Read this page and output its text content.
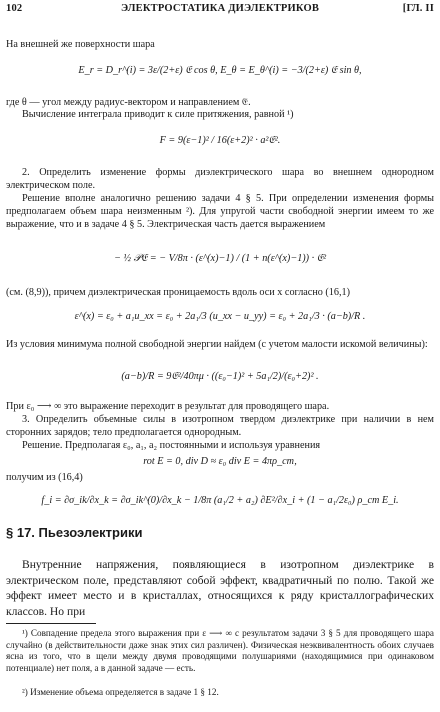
102	ЭЛЕКТРОСТАТИКА ДИЭЛЕКТРИКОВ	[ГЛ. II
На внешней же поверхности шара
E_r = D_r^(i) = 3ε/(2+ε) 𝔈 cos θ, E_θ = E_θ^(i) = −3/(2+ε) 𝔈 sin θ,
где θ — угол между радиус-вектором и направлением 𝔈.
Вычисление интеграла приводит к силе притяжения, равной ¹)
F = 9(ε−1)² / 16(ε+2)² · a²𝔈².
2. Определить изменение формы диэлектрического шара во внешнем однородном электрическом поле.
Решение вполне аналогично решению задачи 4 § 5. При определении изменения формы предполагаем объем шара неизменным ²). Для упругой части свободной энергии имеем то же выражение, что и в задаче 4 § 5. Электрическая часть дается выражением
− ½ 𝒫𝔈 = − V/8π · (ε^(x)−1) / (1 + n(ε^(x)−1)) · 𝔈²
(см. (8,9)), причем диэлектрическая проницаемость вдоль оси x согласно (16,1)
ε^(x) = ε₀ + a₁u_xx = ε₀ + 2a₁/3 (u_xx − u_yy) = ε₀ + 2a₁/3 · (a−b)/R .
Из условия минимума полной свободной энергии найдем (с учетом малости искомой величины):
(a−b)/R = 9𝔈²/40πμ · ((ε₀−1)² + 5a₁/2)/(ε₀+2)² .
При ε₀ ⟶ ∞ это выражение переходит в результат для проводящего шара.
3. Определить объемные силы в изотропном твердом диэлектрике при наличии в нем сторонних зарядов; тело предполагается однородным.
Решение. Предполагая ε₀, a₁, a₂ постоянными и используя уравнения
rot E = 0, div D ≈ ε₀ div E = 4πρ_ст,
получим из (16,4)
f_i = ∂σ_ik/∂x_k = ∂σ_ik^(0)/∂x_k − 1/8π (a₁/2 + a₂) ∂E²/∂x_i + (1 − a₁/2ε₀) ρ_ст E_i.
§ 17. Пьезоэлектрики
Внутренние напряжения, появляющиеся в изотропном диэлектрике в электрическом поле, представляют собой эффект, квадратичный по полю. Такой же эффект имеет место и в кристаллах, относящихся к ряду кристаллографических классов. Но при
¹) Совпадение предела этого выражения при ε ⟶ ∞ с результатом задачи 3 § 5 для проводящего шара случайно (в действительности даже знак этих сил различен). Физическая неэквивалентность обоих случаев ясна из того, что в щели между двумя проводящими полушариями (находящимися при одинаковом потенциале) нет поля, а в данной задаче — есть.
²) Изменение объема определяется в задаче 1 § 12.
